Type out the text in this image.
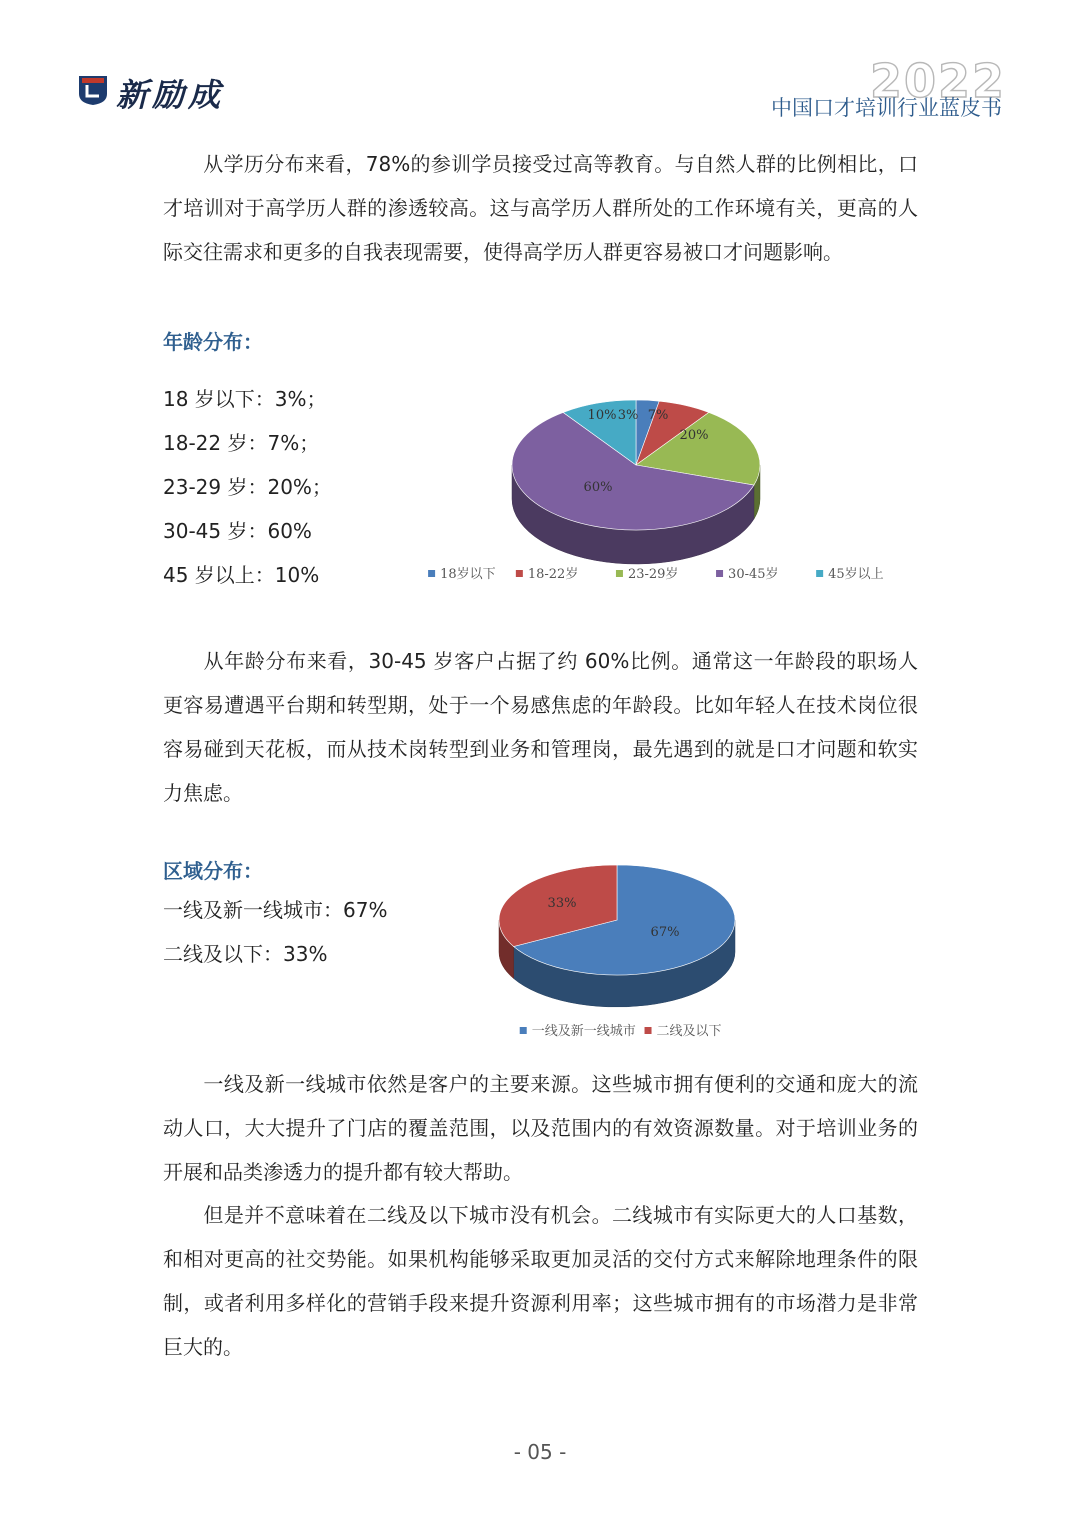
新励成	2022
中国口才培训行业蓝皮书

从学历分布来看，78%的参训学员接受过高等教育。与自然人群的比例相比，口才培训对于高学历人群的渗透较高。这与高学历人群所处的工作环境有关，更高的人际交往需求和更多的自我表现需要，使得高学历人群更容易被口才问题影响。

年龄分布：
18 岁以下：3%；
18-22 岁：7%；
23-29 岁：20%；
30-45 岁：60%
45 岁以上：10%
3% 7%
20%
60%
10%
18岁以下 18-22岁	23-29岁	30-45岁	45岁以上

从年龄分布来看，30-45 岁客户占据了约 60%比例。通常这一年龄段的职场人更容易遭遇平台期和转型期，处于一个易感焦虑的年龄段。比如年轻人在技术岗位很容易碰到天花板，而从技术岗转型到业务和管理岗，最先遇到的就是口才问题和软实力焦虑。

区域分布：
一线及新一线城市：67%
二线及以下：33%
67%
33%
一线及新一线城市 二线及以下

一线及新一线城市依然是客户的主要来源。这些城市拥有便利的交通和庞大的流动人口，大大提升了门店的覆盖范围，以及范围内的有效资源数量。对于培训业务的开展和品类渗透力的提升都有较大帮助。

但是并不意味着在二线及以下城市没有机会。二线城市有实际更大的人口基数，和相对更高的社交势能。如果机构能够采取更加灵活的交付方式来解除地理条件的限制，或者利用多样化的营销手段来提升资源利用率；这些城市拥有的市场潜力是非常巨大的。

- 05 -
